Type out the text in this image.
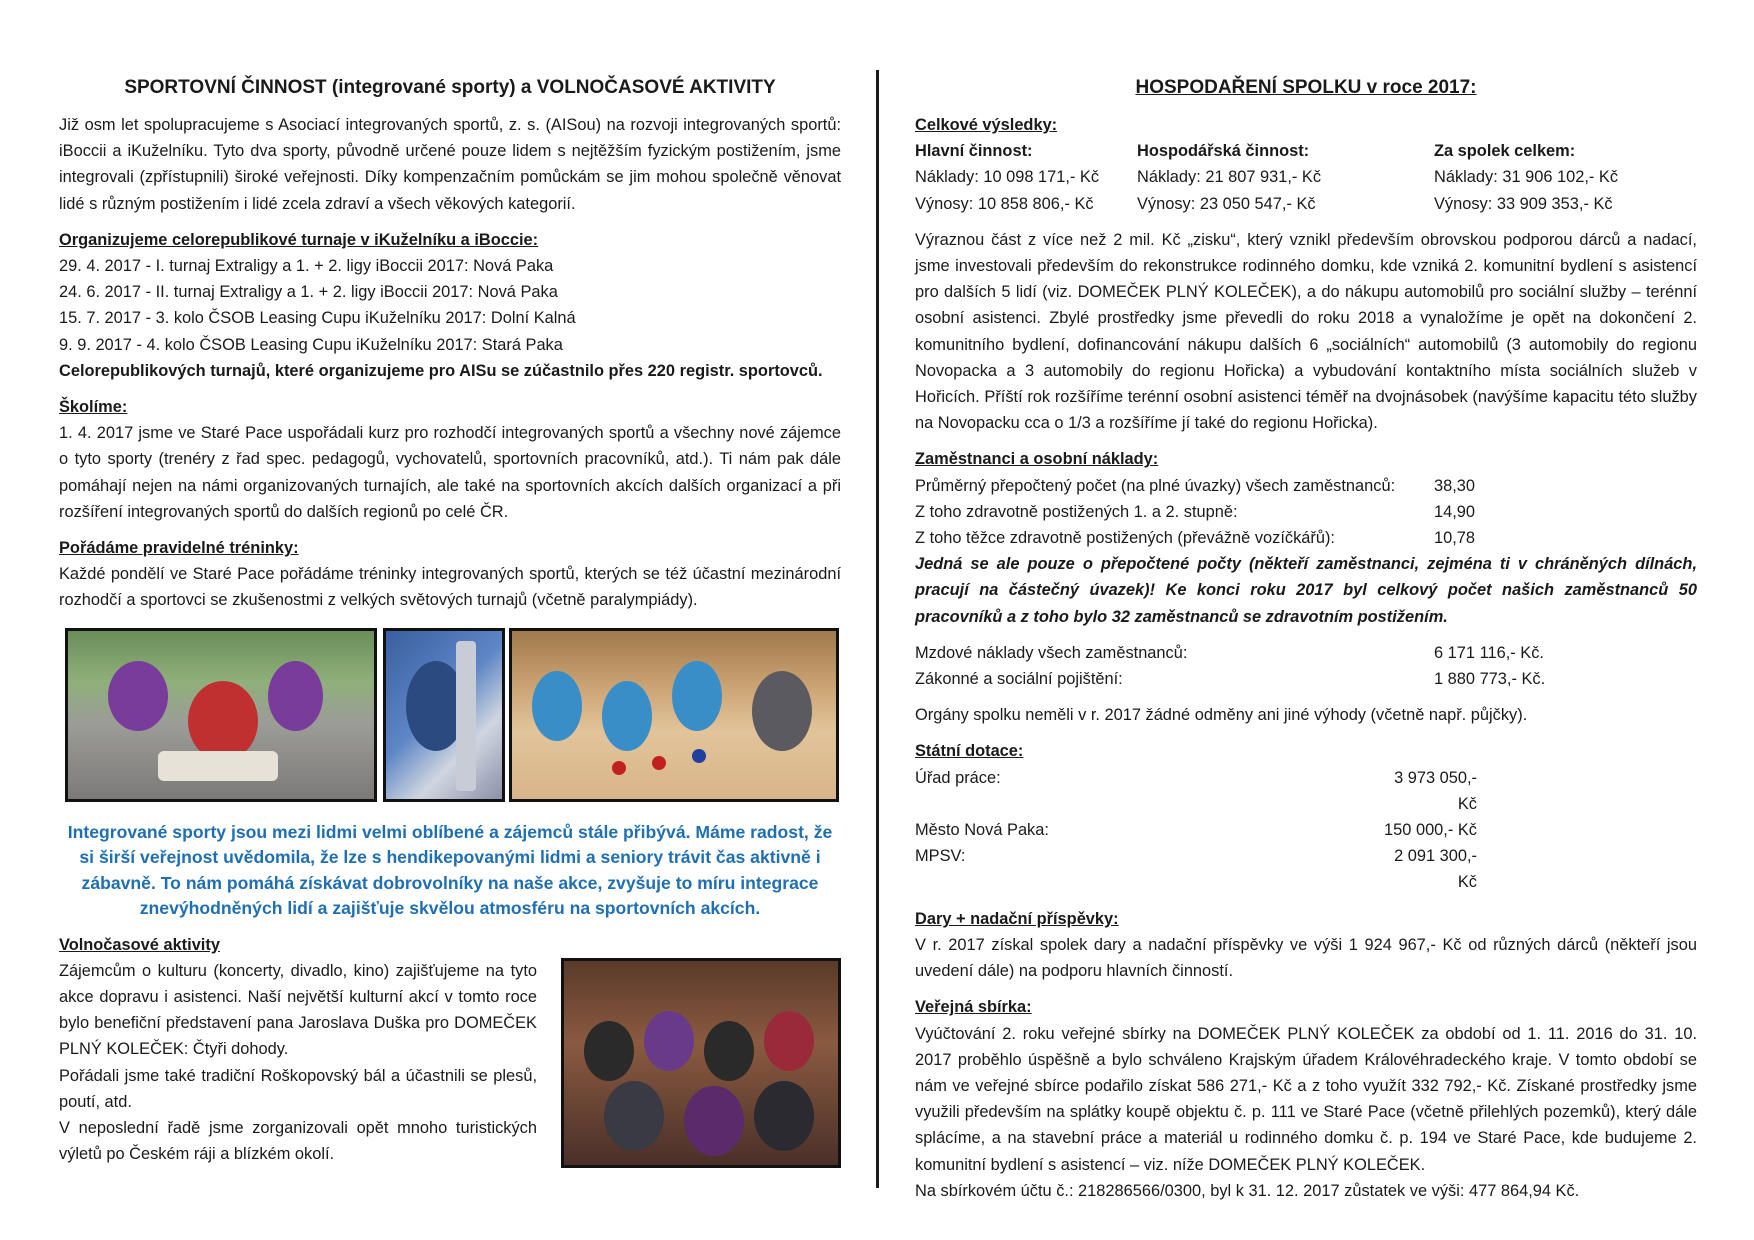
SPORTOVNÍ ČINNOST (integrované sporty) a VOLNOČASOVÉ AKTIVITY

Již osm let spolupracujeme s Asociací integrovaných sportů, z. s. (AISou) na rozvoji integrovaných sportů: iBoccii a iKuželníku. Tyto dva sporty, původně určené pouze lidem s nejtěžším fyzickým postižením, jsme integrovali (zpřístupnili) široké veřejnosti. Díky kompenzačním pomůckám se jim mohou společně věnovat lidé s různým postižením i lidé zcela zdraví a všech věkových kategorií.

Organizujeme celorepublikové turnaje v iKuželníku a iBoccie:
29. 4. 2017 - I. turnaj Extraligy a 1. + 2. ligy iBoccii 2017: Nová Paka
24. 6. 2017 - II. turnaj Extraligy a 1. + 2. ligy iBoccii 2017: Nová Paka
15. 7. 2017 - 3. kolo ČSOB Leasing Cupu iKuželníku 2017: Dolní Kalná
9. 9. 2017 - 4. kolo ČSOB Leasing Cupu iKuželníku 2017: Stará Paka
Celorepublikových turnajů, které organizujeme pro AISu se zúčastnilo přes 220 registr. sportovců.
Školíme:

1. 4. 2017 jsme ve Staré Pace uspořádali kurz pro rozhodčí integrovaných sportů a všechny nové zájemce o tyto sporty (trenéry z řad spec. pedagogů, vychovatelů, sportovních pracovníků, atd.). Ti nám pak dále pomáhají nejen na námi organizovaných turnajích, ale také na sportovních akcích dalších organizací a při rozšíření integrovaných sportů do dalších regionů po celé ČR.

Pořádáme pravidelné tréninky:

Každé pondělí ve Staré Pace pořádáme tréninky integrovaných sportů, kterých se též účastní mezinárodní rozhodčí a sportovci se zkušenostmi z velkých světových turnajů (včetně paralympiády).

Integrované sporty jsou mezi lidmi velmi oblíbené a zájemců stále přibývá. Máme radost, že si širší veřejnost uvědomila, že lze s hendikepovanými lidmi a seniory trávit čas aktivně i zábavně. To nám pomáhá získávat dobrovolníky na naše akce, zvyšuje to míru integrace znevýhodněných lidí a zajišťuje skvělou atmosféru na sportovních akcích.
Volnočasové aktivity

Zájemcům o kulturu (koncerty, divadlo, kino) zajišťujeme na tyto akce dopravu i asistenci. Naší největší kulturní akcí v tomto roce bylo benefiční představení pana Jaroslava Duška pro DOMEČEK PLNÝ KOLEČEK: Čtyři dohody.

Pořádali jsme také tradiční Roškopovský bál a účastnili se plesů, poutí, atd.

V neposlední řadě jsme zorganizovali opět mnoho turistických výletů po Českém ráji a blízkém okolí.

HOSPODAŘENÍ SPOLKU v roce 2017:
Celkové výsledky:
Hlavní činnost:	Hospodářská činnost:	Za spolek celkem:
Náklady: 10 098 171,- Kč	Náklady: 21 807 931,- Kč	Náklady: 31 906 102,- Kč
Výnosy: 10 858 806,- Kč	Výnosy: 23 050 547,- Kč	Výnosy: 33 909 353,- Kč

Výraznou část z více než 2 mil. Kč „zisku“, který vznikl především obrovskou podporou dárců a nadací, jsme investovali především do rekonstrukce rodinného domku, kde vzniká 2. komunitní bydlení s asistencí pro dalších 5 lidí (viz. DOMEČEK PLNÝ KOLEČEK), a do nákupu automobilů pro sociální služby – terénní osobní asistenci. Zbylé prostředky jsme převedli do roku 2018 a vynaložíme je opět na dokončení 2. komunitního bydlení, dofinancování nákupu dalších 6 „sociálních“ automobilů (3 automobily do regionu Novopacka a 3 automobily do regionu Hořicka) a vybudování kontaktního místa sociálních služeb v Hořicích. Příští rok rozšíříme terénní osobní asistenci téměř na dvojnásobek (navýšíme kapacitu této služby na Novopacku cca o 1/3 a rozšíříme jí také do regionu Hořicka).

Zaměstnanci a osobní náklady:
Průměrný přepočtený počet (na plné úvazky) všech zaměstnanců:	38,30
Z toho zdravotně postižených 1. a 2. stupně:	14,90
Z toho těžce zdravotně postižených (převážně vozíčkářů):	10,78

Jedná se ale pouze o přepočtené počty (někteří zaměstnanci, zejména ti v chráněných dílnách, pracují na částečný úvazek)! Ke konci roku 2017 byl celkový počet našich zaměstnanců 50 pracovníků a z toho bylo 32 zaměstnanců se zdravotním postižením.

Mzdové náklady všech zaměstnanců:	6 171 116,- Kč.
Zákonné a sociální pojištění:	1 880 773,- Kč.

Orgány spolku neměli v r. 2017 žádné odměny ani jiné výhody (včetně např. půjčky).

Státní dotace:
Úřad práce:	3 973 050,- Kč
Město Nová Paka:	150 000,- Kč
MPSV:	2 091 300,- Kč
Dary + nadační příspěvky:

V r. 2017 získal spolek dary a nadační příspěvky ve výši 1 924 967,- Kč od různých dárců (někteří jsou uvedení dále) na podporu hlavních činností.

Veřejná sbírka:

Vyúčtování 2. roku veřejné sbírky na DOMEČEK PLNÝ KOLEČEK za období od 1. 11. 2016 do 31. 10. 2017 proběhlo úspěšně a bylo schváleno Krajským úřadem Královéhradeckého kraje. V tomto období se nám ve veřejné sbírce podařilo získat 586 271,- Kč a z toho využít 332 792,- Kč. Získané prostředky jsme využili především na splátky koupě objektu č. p. 111 ve Staré Pace (včetně přilehlých pozemků), který dále splácíme, a na stavební práce a materiál u rodinného domku č. p. 194 ve Staré Pace, kde budujeme 2. komunitní bydlení s asistencí – viz. níže DOMEČEK PLNÝ KOLEČEK.

Na sbírkovém účtu č.: 218286566/0300, byl k 31. 12. 2017 zůstatek ve výši: 477 864,94 Kč.
